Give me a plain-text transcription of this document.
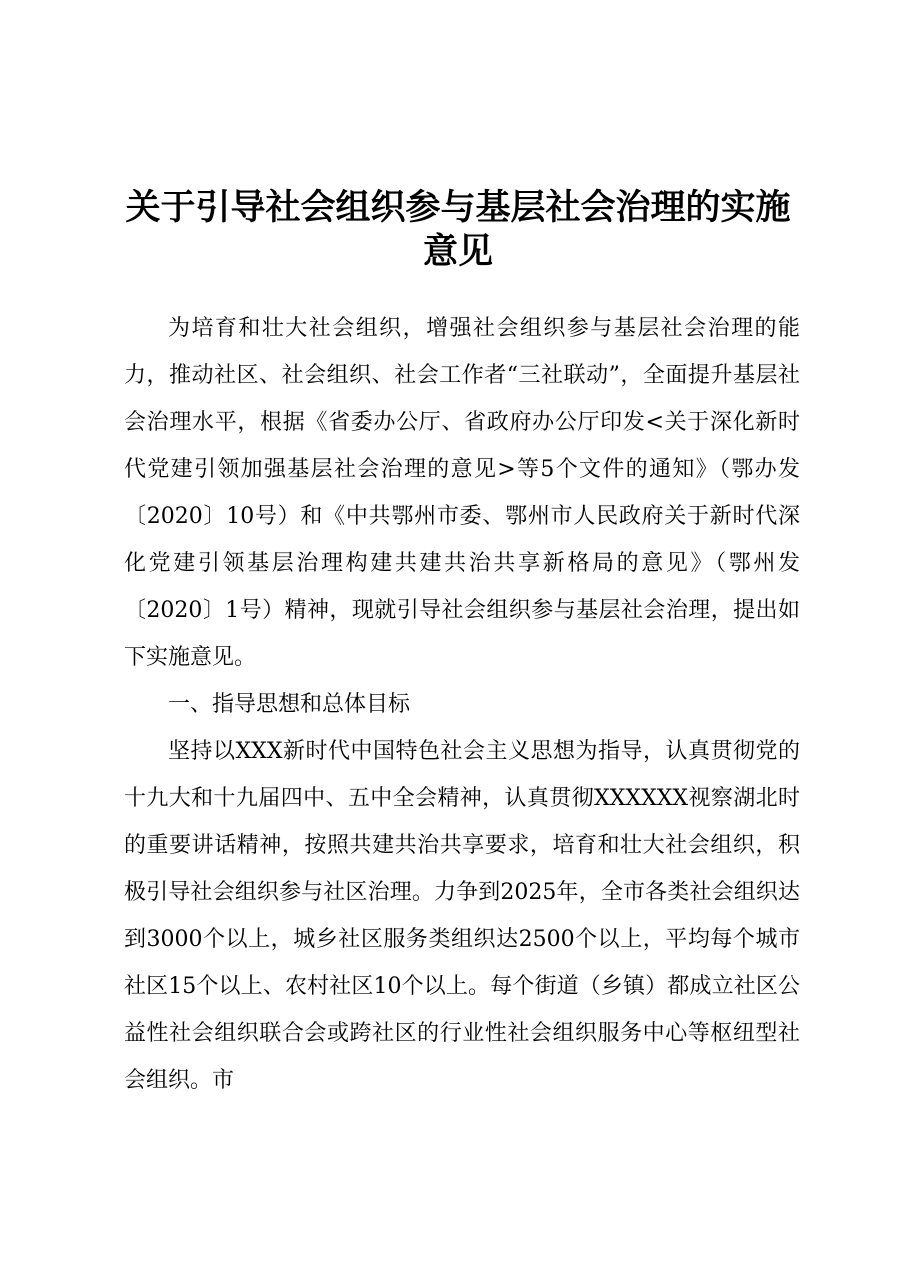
关于引导社会组织参与基层社会治理的实施意见

为培育和壮大社会组织，增强社会组织参与基层社会治理的能力，推动社区、社会组织、社会工作者“三社联动”，全面提升基层社会治理水平，根据《省委办公厅、省政府办公厅印发<关于深化新时代党建引领加强基层社会治理的意见>等5个文件的通知》（鄂办发〔2020〕10号）和《中共鄂州市委、鄂州市人民政府关于新时代深化党建引领基层治理构建共建共治共享新格局的意见》（鄂州发〔2020〕1号）精神，现就引导社会组织参与基层社会治理，提出如下实施意见。

一、指导思想和总体目标

坚持以XXX新时代中国特色社会主义思想为指导，认真贯彻党的十九大和十九届四中、五中全会精神，认真贯彻XXXXXX视察湖北时的重要讲话精神，按照共建共治共享要求，培育和壮大社会组织，积极引导社会组织参与社区治理。力争到2025年，全市各类社会组织达到3000个以上，城乡社区服务类组织达2500个以上，平均每个城市社区15个以上、农村社区10个以上。每个街道（乡镇）都成立社区公益性社会组织联合会或跨社区的行业性社会组织服务中心等枢纽型社会组织。市
